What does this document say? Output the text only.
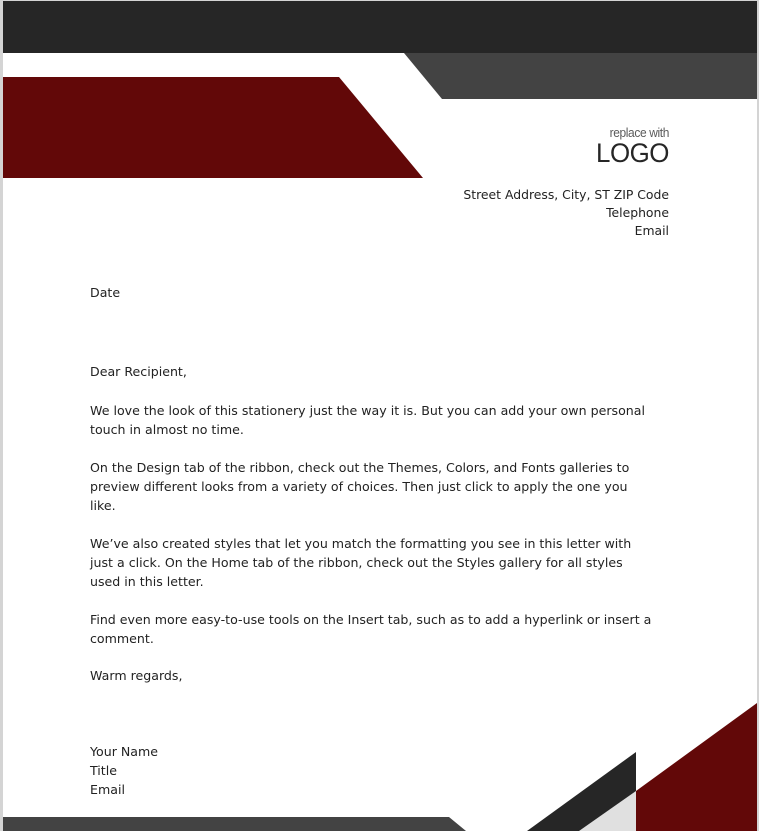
replace with
LOGO
Street Address, City, ST ZIP Code
Telephone
Email
Date
Dear Recipient,
We love the look of this stationery just the way it is. But you can add your own personal
touch in almost no time.
On the Design tab of the ribbon, check out the Themes, Colors, and Fonts galleries to
preview different looks from a variety of choices. Then just click to apply the one you
like.
We’ve also created styles that let you match the formatting you see in this letter with
just a click. On the Home tab of the ribbon, check out the Styles gallery for all styles
used in this letter.
Find even more easy-to-use tools on the Insert tab, such as to add a hyperlink or insert a
comment.
Warm regards,
Your Name
Title
Email
